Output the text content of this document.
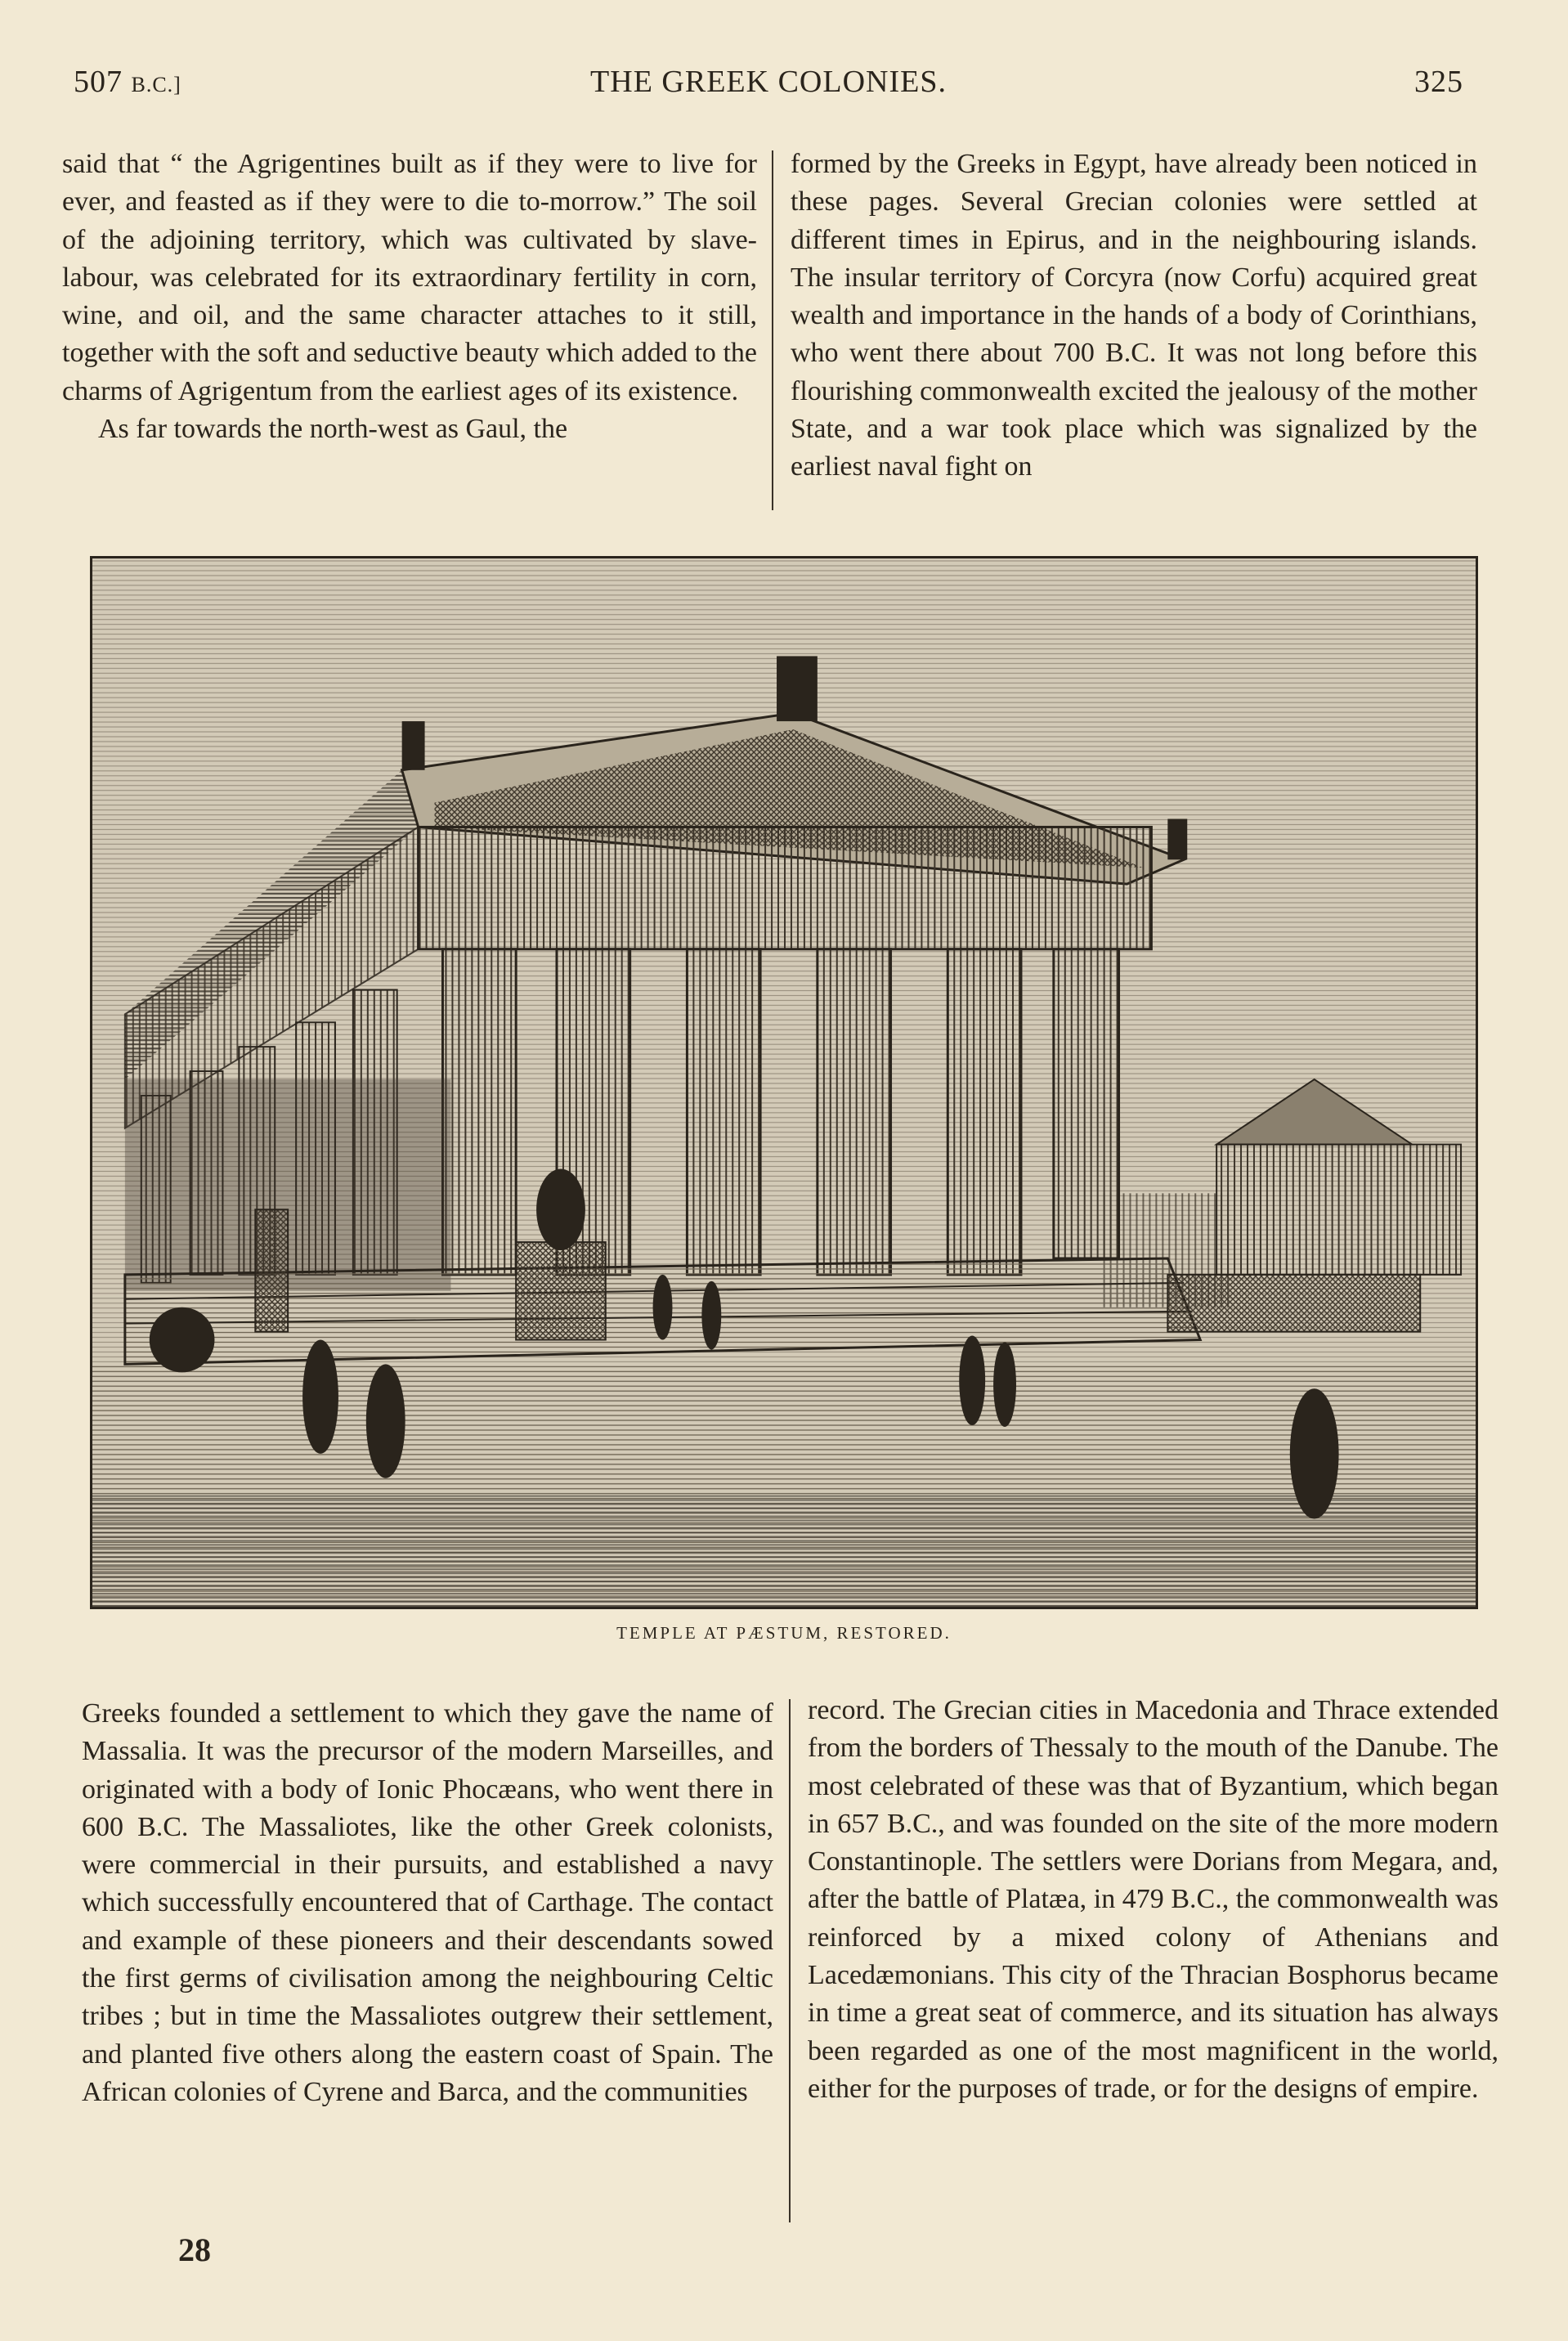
507 B.C.]	THE GREEK COLONIES.	325

said that “ the Agrigentines built as if they were to live for ever, and feasted as if they were to die to-morrow.” The soil of the adjoining territory, which was cultivated by slave-labour, was celebrated for its extraordinary fertility in corn, wine, and oil, and the same character attaches to it still, together with the soft and seductive beauty which added to the charms of Agrigentum from the earliest ages of its existence.

As far towards the north-west as Gaul, the

formed by the Greeks in Egypt, have already been noticed in these pages. Several Grecian colonies were settled at different times in Epirus, and in the neighbouring islands. The insular territory of Corcyra (now Corfu) acquired great wealth and importance in the hands of a body of Corinthians, who went there about 700 B.C. It was not long before this flourishing commonwealth excited the jealousy of the mother State, and a war took place which was signalized by the earliest naval fight on

TEMPLE AT PÆSTUM, RESTORED.

Greeks founded a settlement to which they gave the name of Massalia. It was the precursor of the modern Marseilles, and originated with a body of Ionic Phocæans, who went there in 600 B.C. The Massaliotes, like the other Greek colonists, were commercial in their pursuits, and established a navy which successfully encountered that of Carthage. The contact and example of these pioneers and their descendants sowed the first germs of civilisation among the neighbouring Celtic tribes ; but in time the Massaliotes outgrew their settlement, and planted five others along the eastern coast of Spain. The African colonies of Cyrene and Barca, and the communities

record. The Grecian cities in Macedonia and Thrace extended from the borders of Thessaly to the mouth of the Danube. The most celebrated of these was that of Byzantium, which began in 657 B.C., and was founded on the site of the more modern Constantinople. The settlers were Dorians from Megara, and, after the battle of Platæa, in 479 B.C., the commonwealth was reinforced by a mixed colony of Athenians and Lacedæmonians. This city of the Thracian Bosphorus became in time a great seat of commerce, and its situation has always been regarded as one of the most magnificent in the world, either for the purposes of trade, or for the designs of empire.

28
